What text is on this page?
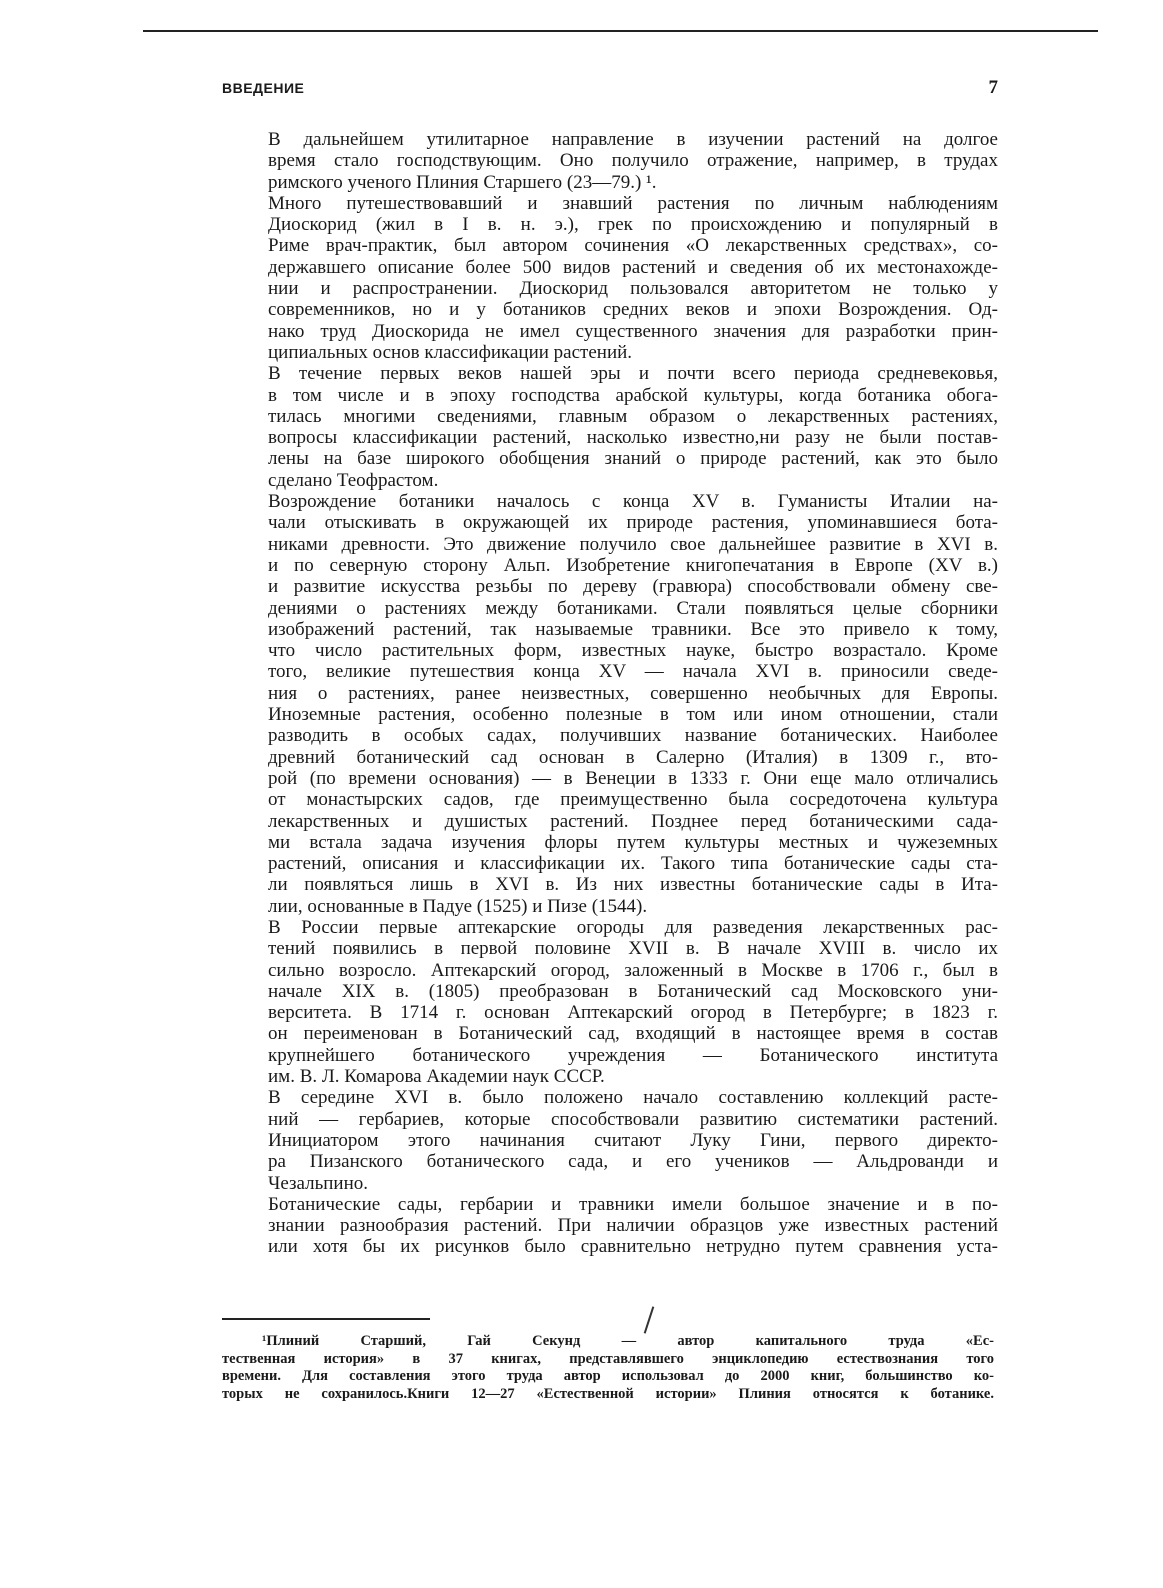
ВВЕДЕНИЕ	7

В дальнейшем утилитарное направление в изучении растений на долгое
время стало господствующим. Оно получило отражение, например, в трудах
римского ученого Плиния Старшего (23—79.) ¹.

Много путешествовавший и знавший растения по личным наблюдениям
Диоскорид (жил в I в. н. э.), грек по происхождению и популярный в
Риме врач-практик, был автором сочинения «О лекарственных средствах», со-
державшего описание более 500 видов растений и сведения об их местонахожде-
нии и распространении. Диоскорид пользовался авторитетом не только у
современников, но и у ботаников средних веков и эпохи Возрождения. Од-
нако труд Диоскорида не имел существенного значения для разработки прин-
ципиальных основ классификации растений.

В течение первых веков нашей эры и почти всего периода средневековья,
в том числе и в эпоху господства арабской культуры, когда ботаника обога-
тилась многими сведениями, главным образом о лекарственных растениях,
вопросы классификации растений, насколько известно,ни разу не были постав-
лены на базе широкого обобщения знаний о природе растений, как это было
сделано Теофрастом.

Возрождение ботаники началось с конца XV в. Гуманисты Италии на-
чали отыскивать в окружающей их природе растения, упоминавшиеся бота-
никами древности. Это движение получило свое дальнейшее развитие в XVI в.
и по северную сторону Альп. Изобретение книгопечатания в Европе (XV в.)
и развитие искусства резьбы по дереву (гравюра) способствовали обмену све-
дениями о растениях между ботаниками. Стали появляться целые сборники
изображений растений, так называемые травники. Все это привело к тому,
что число растительных форм, известных науке, быстро возрастало. Кроме
того, великие путешествия конца XV — начала XVI в. приносили сведе-
ния о растениях, ранее неизвестных, совершенно необычных для Европы.
Иноземные растения, особенно полезные в том или ином отношении, стали
разводить в особых садах, получивших название ботанических. Наиболее
древний ботанический сад основан в Салерно (Италия) в 1309 г., вто-
рой (по времени основания) — в Венеции в 1333 г. Они еще мало отличались
от монастырских садов, где преимущественно была сосредоточена культура
лекарственных и душистых растений. Позднее перед ботаническими сада-
ми встала задача изучения флоры путем культуры местных и чужеземных
растений, описания и классификации их. Такого типа ботанические сады ста-
ли появляться лишь в XVI в. Из них известны ботанические сады в Ита-
лии, основанные в Падуе (1525) и Пизе (1544).

В России первые аптекарские огороды для разведения лекарственных рас-
тений появились в первой половине XVII в. В начале XVIII в. число их
сильно возросло. Аптекарский огород, заложенный в Москве в 1706 г., был в
начале XIX в. (1805) преобразован в Ботанический сад Московского уни-
верситета. В 1714 г. основан Аптекарский огород в Петербурге; в 1823 г.
он переименован в Ботанический сад, входящий в настоящее время в состав
крупнейшего ботанического учреждения — Ботанического института
им. В. Л. Комарова Академии наук СССР.

В середине XVI в. было положено начало составлению коллекций расте-
ний — гербариев, которые способствовали развитию систематики растений.
Инициатором этого начинания считают Луку Гини, первого директо-
ра Пизанского ботанического сада, и его учеников — Альдрованди и
Чезальпино.

Ботанические сады, гербарии и травники имели большое значение и в по-
знании разнообразия растений. При наличии образцов уже известных растений
или хотя бы их рисунков было сравнительно нетрудно путем сравнения уста-

¹Плиний Старший, Гай Секунд — автор капитального труда «Ес-
тественная история» в 37 книгах, представлявшего энциклопедию естествознания того
времени. Для составления этого труда автор использовал до 2000 книг, большинство ко-
торых не сохранилось.Книги 12—27 «Естественной истории» Плиния относятся к ботанике.
